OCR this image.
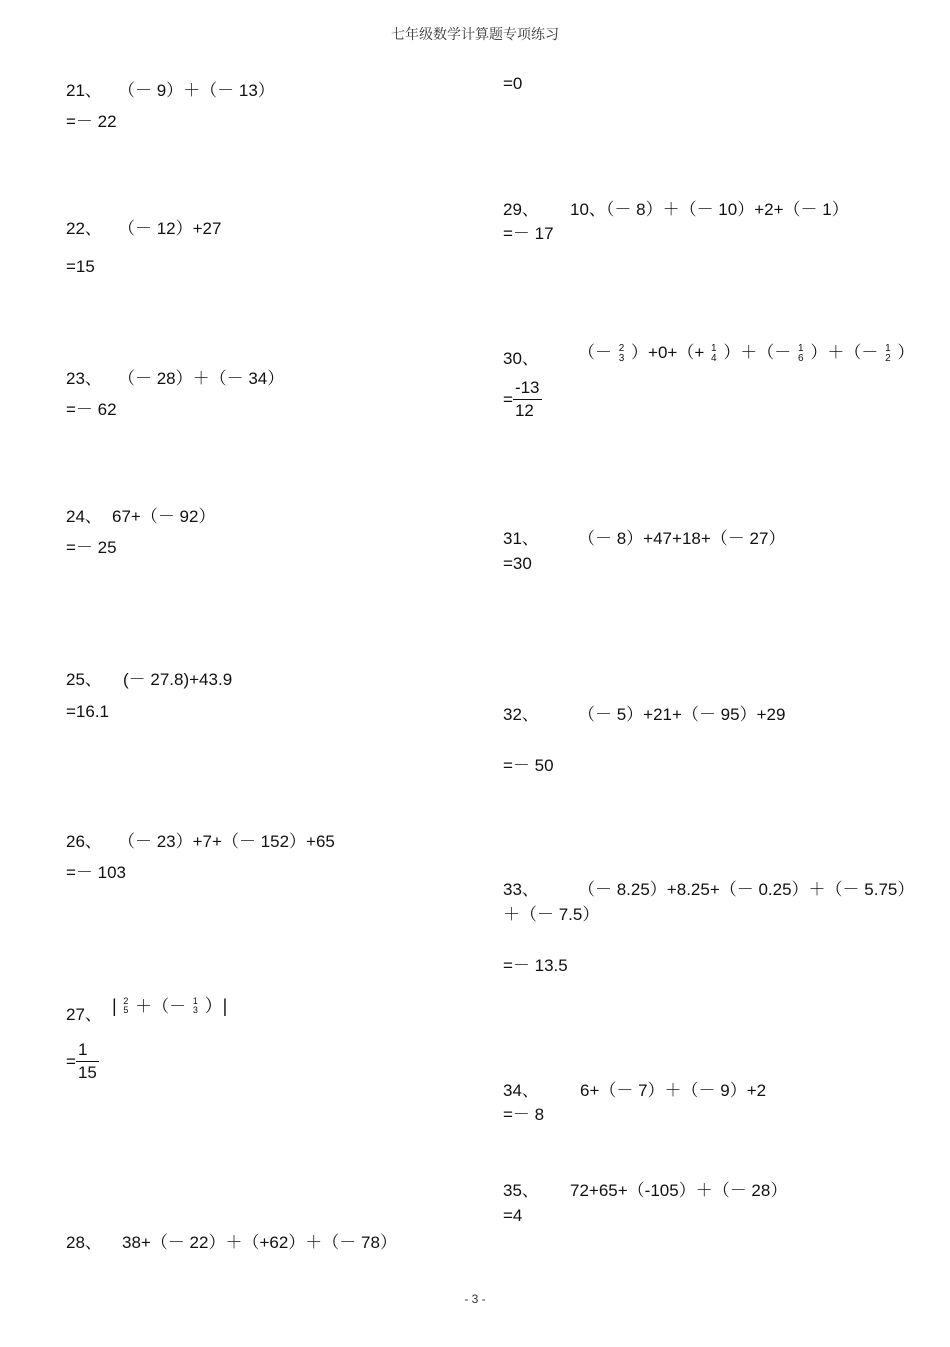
七年级数学计算题专项练习
21、 （－ 9）＋（－ 13）
=－ 22
22、 （－ 12）+27
=15
23、 （－ 28）＋（－ 34）
=－ 62
24、 67+（－ 92）
=－ 25
25、 (－ 27.8)+43.9
=16.1
26、 （－ 23）+7+（－ 152）+65
=－ 103
27、 | 2
5 ＋（－ 1
3 ）|
= $\frac{1}{15}$
28、 38+（－ 22）＋（+62）＋（－ 78）
=0
29、 10、（－ 8）＋（－ 10）+2+（－ 1）
=－ 17
30、 （－ 2
3 ）+0+（+ 1
4 ）＋（－ 1
6 ）＋（－ 1
2 ）
= $\frac{-13}{12}$
31、 （－ 8）+47+18+（－ 27）
=30
32、 （－ 5）+21+（－ 95）+29
=－ 50
33、 （－ 8.25）+8.25+（－ 0.25）＋（－ 5.75）
＋（－ 7.5）
=－ 13.5
34、 6+（－ 7）＋（－ 9）+2
=－ 8
35、 72+65+（-105）＋（－ 28）
=4
- 3 -
